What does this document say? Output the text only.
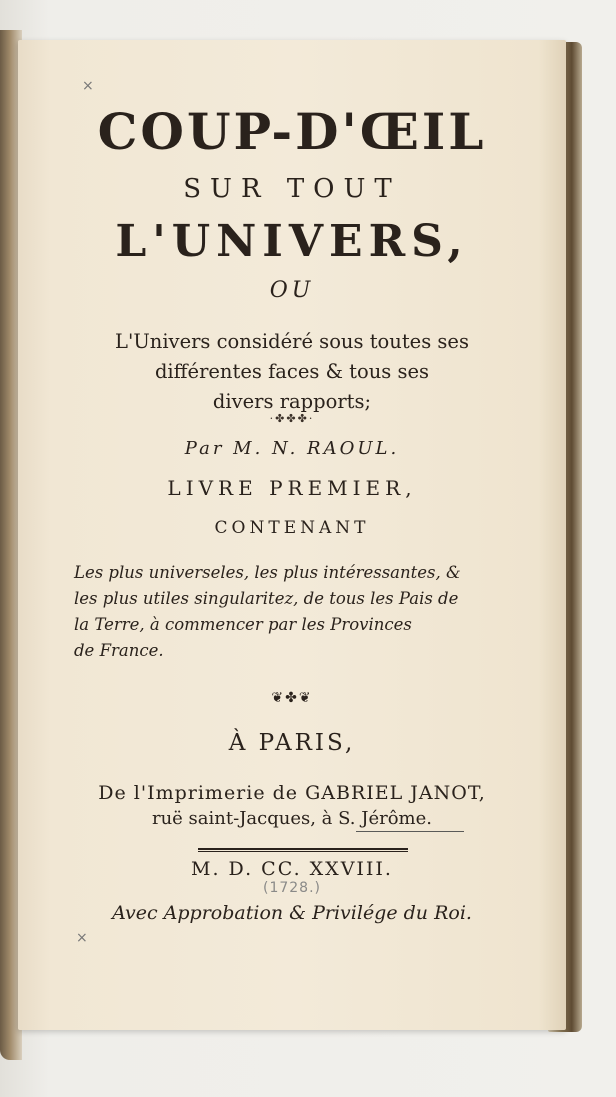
×
COUP-D'ŒIL
SUR TOUT
L'UNIVERS,
OU
L'Univers considéré sous toutes ses
différentes faces & tous ses
divers rapports;
·✤✤✤·
Par M. N. RAOUL.
LIVRE PREMIER,
CONTENANT
Les plus universeles, les plus intéressantes, &
les plus utiles singularitez, de tous les Pais de
la Terre, à commencer par les Provinces
de France.
❦✤❦
À PARIS,
De l'Imprimerie de GABRIEL JANOT,
ruë saint-Jacques, à S. Jérôme.
M. D. CC. XXVIII.
(1728.)
Avec Approbation & Privilége du Roi.
×
